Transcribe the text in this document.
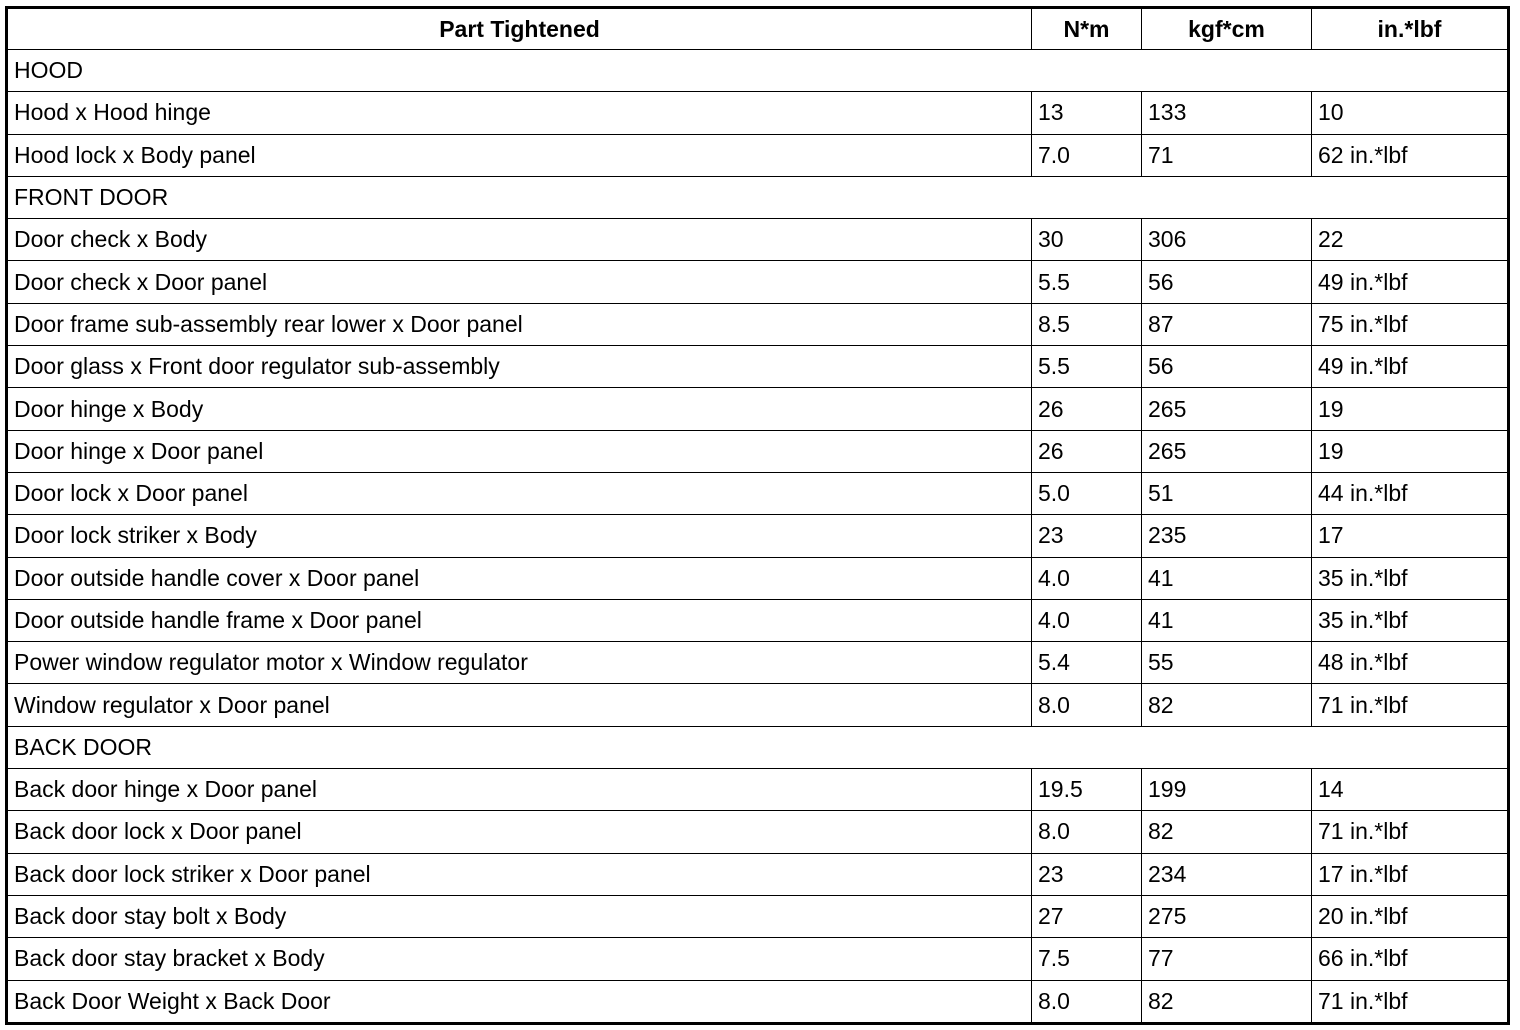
Part Tightened	N*m	kgf*cm	in.*lbf
HOOD			
Hood x Hood hinge	13	133	10
Hood lock x Body panel	7.0	71	62 in.*lbf
FRONT DOOR			
Door check x Body	30	306	22
Door check x Door panel	5.5	56	49 in.*lbf
Door frame sub-assembly rear lower x Door panel	8.5	87	75 in.*lbf
Door glass x Front door regulator sub-assembly	5.5	56	49 in.*lbf
Door hinge x Body	26	265	19
Door hinge x Door panel	26	265	19
Door lock x Door panel	5.0	51	44 in.*lbf
Door lock striker x Body	23	235	17
Door outside handle cover x Door panel	4.0	41	35 in.*lbf
Door outside handle frame x Door panel	4.0	41	35 in.*lbf
Power window regulator motor x Window regulator	5.4	55	48 in.*lbf
Window regulator x Door panel	8.0	82	71 in.*lbf
BACK DOOR			
Back door hinge x Door panel	19.5	199	14
Back door lock x Door panel	8.0	82	71 in.*lbf
Back door lock striker x Door panel	23	234	17 in.*lbf
Back door stay bolt x Body	27	275	20 in.*lbf
Back door stay bracket x Body	7.5	77	66 in.*lbf
Back Door Weight x Back Door	8.0	82	71 in.*lbf
